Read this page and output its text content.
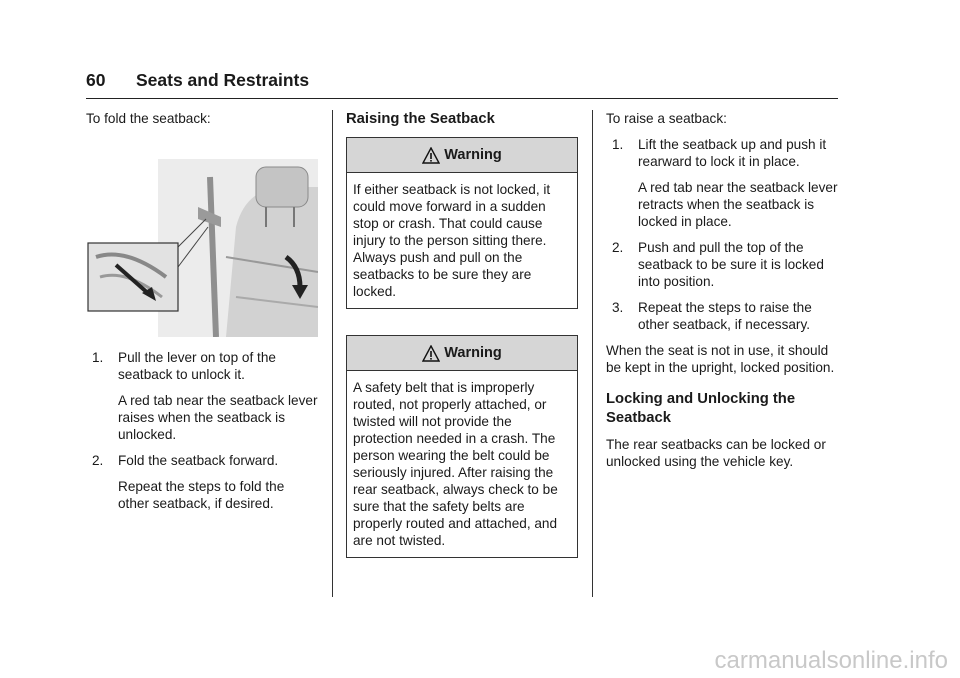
60 Seats and Restraints

To fold the seatback:

1. Pull the lever on top of the seatback to unlock it.

A red tab near the seatback lever raises when the seatback is unlocked.

2. Fold the seatback forward.

Repeat the steps to fold the other seatback, if desired.

Raising the Seatback
Warning

If either seatback is not locked, it could move forward in a sudden stop or crash. That could cause injury to the person sitting there. Always push and pull on the seatbacks to be sure they are locked.

Warning

A safety belt that is improperly routed, not properly attached, or twisted will not provide the protection needed in a crash. The person wearing the belt could be seriously injured. After raising the rear seatback, always check to be sure that the safety belts are properly routed and attached, and are not twisted.

To raise a seatback:

1. Lift the seatback up and push it rearward to lock it in place.

A red tab near the seatback lever retracts when the seatback is locked in place.

2. Push and pull the top of the seatback to be sure it is locked into position.

3. Repeat the steps to raise the other seatback, if necessary.

When the seat is not in use, it should be kept in the upright, locked position.

Locking and Unlocking the Seatback

The rear seatbacks can be locked or unlocked using the vehicle key.

carmanualsonline.info
